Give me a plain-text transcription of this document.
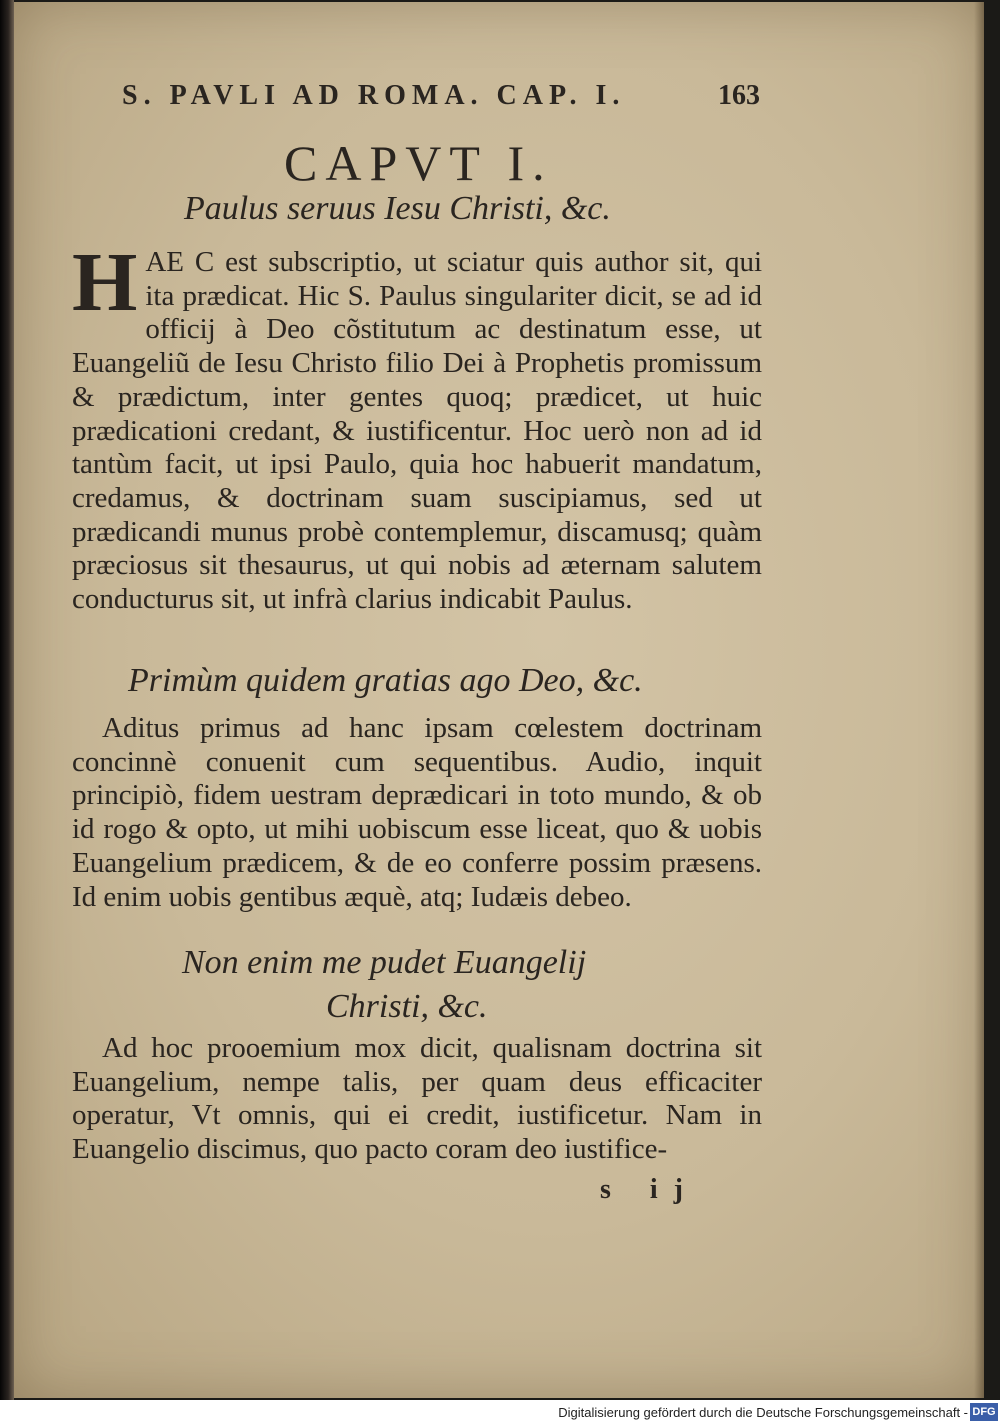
S. PAVLI AD ROMA. CAP. I.	163
CAPVT I.
Paulus seruus Iesu Christi, &c.
HAE C est subscriptio, ut sciatur quis author sit, qui ita prædicat. Hic S. Paulus singulariter dicit, se ad id officij à Deo cõstitutum ac destinatum esse, ut Euangeliũ de Iesu Christo filio Dei à Prophetis promissum & prædictum, inter gentes quoq; prædicet, ut huic prædicationi credant, & iustificentur. Hoc uerò non ad id tantùm facit, ut ipsi Paulo, quia hoc habuerit mandatum, credamus, & doctrinam suam suscipiamus, sed ut prædicandi munus probè contemplemur, discamusq; quàm præciosus sit thesaurus, ut qui nobis ad æternam salutem conducturus sit, ut infrà clarius indicabit Paulus.
Primùm quidem gratias ago Deo, &c.
Aditus primus ad hanc ipsam cœlestem doctrinam concinnè conuenit cum sequentibus. Audio, inquit principiò, fidem uestram deprædicari in toto mundo, & ob id rogo & opto, ut mihi uobiscum esse liceat, quo & uobis Euangelium prædicem, & de eo conferre possim præsens. Id enim uobis gentibus æquè, atq; Iudæis debeo.
Non enim me pudet Euangelij
Christi, &c.
Ad hoc prooemium mox dicit, qualisnam doctrina sit Euangelium, nempe talis, per quam deus efficaciter operatur, Vt omnis, qui ei credit, iustificetur. Nam in Euangelio discimus, quo pacto coram deo iustifice-
s ij
Digitalisierung gefördert durch die Deutsche Forschungsgemeinschaft - DFG
